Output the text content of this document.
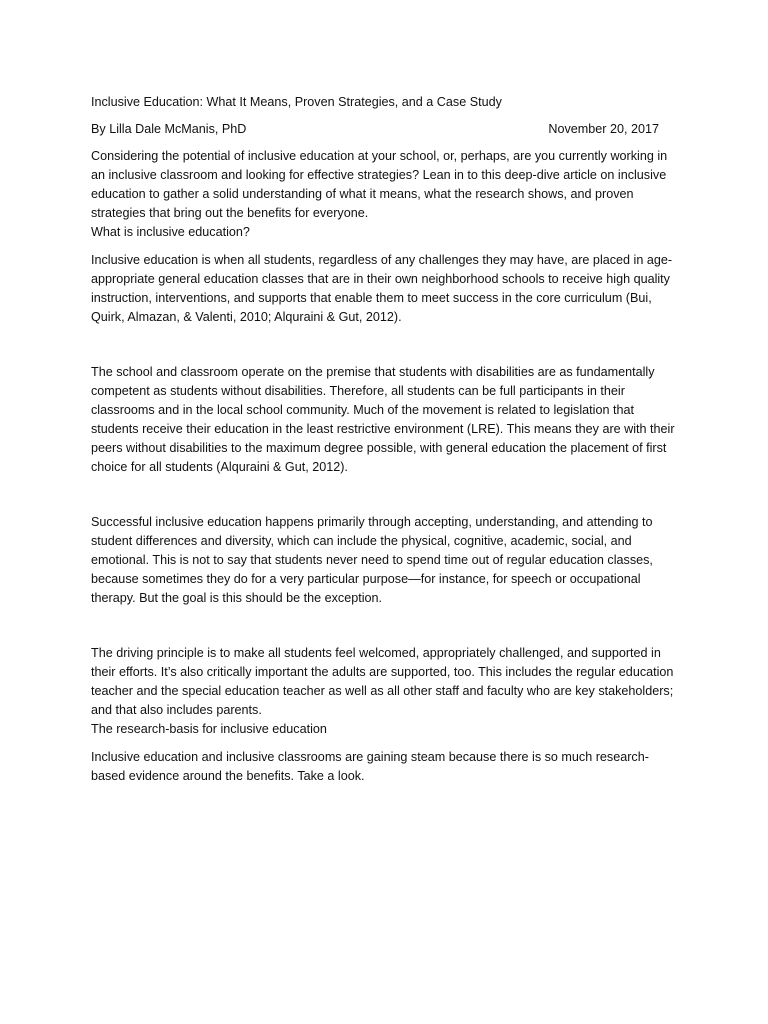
Inclusive Education: What It Means, Proven Strategies, and a Case Study
By Lilla Dale McManis, PhD	November 20, 2017

Considering the potential of inclusive education at your school, or, perhaps, are you currently working in an inclusive classroom and looking for effective strategies? Lean in to this deep-dive article on inclusive education to gather a solid understanding of what it means, what the research shows, and proven strategies that bring out the benefits for everyone.

What is inclusive education?

Inclusive education is when all students, regardless of any challenges they may have, are placed in age-appropriate general education classes that are in their own neighborhood schools to receive high quality instruction, interventions, and supports that enable them to meet success in the core curriculum (Bui, Quirk, Almazan, & Valenti, 2010; Alquraini & Gut, 2012).

The school and classroom operate on the premise that students with disabilities are as fundamentally competent as students without disabilities. Therefore, all students can be full participants in their classrooms and in the local school community. Much of the movement is related to legislation that students receive their education in the least restrictive environment (LRE). This means they are with their peers without disabilities to the maximum degree possible, with general education the placement of first choice for all students (Alquraini & Gut, 2012).

Successful inclusive education happens primarily through accepting, understanding, and attending to student differences and diversity, which can include the physical, cognitive, academic, social, and emotional. This is not to say that students never need to spend time out of regular education classes, because sometimes they do for a very particular purpose—for instance, for speech or occupational therapy. But the goal is this should be the exception.

The driving principle is to make all students feel welcomed, appropriately challenged, and supported in their efforts. It’s also critically important the adults are supported, too. This includes the regular education teacher and the special education teacher as well as all other staff and faculty who are key stakeholders; and that also includes parents.

The research-basis for inclusive education

Inclusive education and inclusive classrooms are gaining steam because there is so much research-based evidence around the benefits. Take a look.
